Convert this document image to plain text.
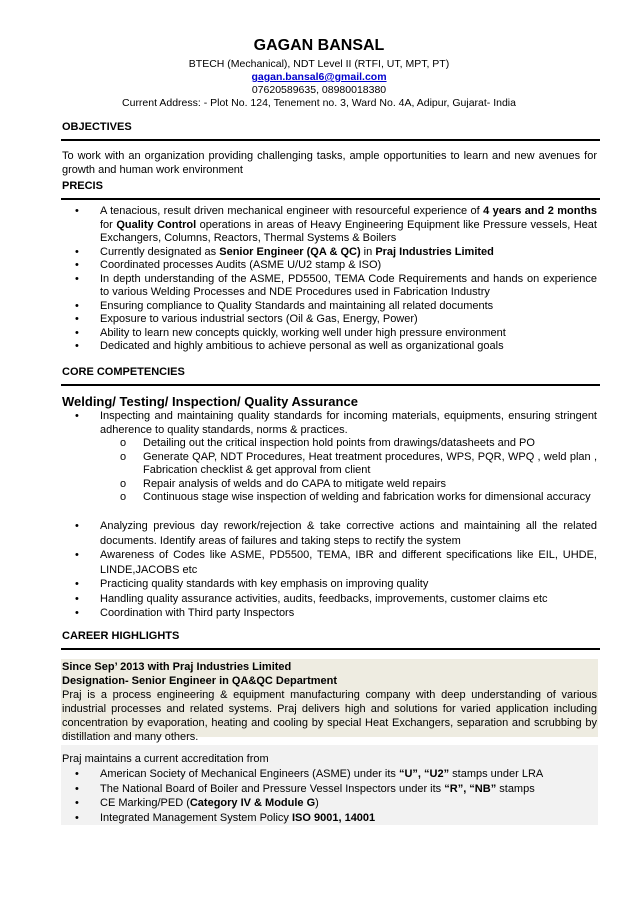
GAGAN BANSAL
BTECH (Mechanical), NDT Level II (RTFI, UT, MPT, PT)
gagan.bansal6@gmail.com
07620589635, 08980018380
Current Address: - Plot No. 124, Tenement no. 3, Ward No. 4A, Adipur, Gujarat- India
OBJECTIVES
To work with an organization providing challenging tasks, ample opportunities to learn and new avenues for growth and human work environment
PRECIS
• A tenacious, result driven mechanical engineer with resourceful experience of 4 years and 2 months for Quality Control operations in areas of Heavy Engineering Equipment like Pressure vessels, Heat Exchangers, Columns, Reactors, Thermal Systems & Boilers
• Currently designated as Senior Engineer (QA & QC) in Praj Industries Limited
• Coordinated processes Audits (ASME U/U2 stamp & ISO)
• In depth understanding of the ASME, PD5500, TEMA Code Requirements and hands on experience to various Welding Processes and NDE Procedures used in Fabrication Industry
• Ensuring compliance to Quality Standards and maintaining all related documents
• Exposure to various industrial sectors (Oil & Gas, Energy, Power)
• Ability to learn new concepts quickly, working well under high pressure environment
• Dedicated and highly ambitious to achieve personal as well as organizational goals
CORE COMPETENCIES
Welding/ Testing/ Inspection/ Quality Assurance
• Inspecting and maintaining quality standards for incoming materials, equipments, ensuring stringent adherence to quality standards, norms & practices.
o Detailing out the critical inspection hold points from drawings/datasheets and PO
o Generate QAP, NDT Procedures, Heat treatment procedures, WPS, PQR, WPQ , weld plan , Fabrication checklist & get approval from client
o Repair analysis of welds and do CAPA to mitigate weld repairs
o Continuous stage wise inspection of welding and fabrication works for dimensional accuracy
• Analyzing previous day rework/rejection & take corrective actions and maintaining all the related documents. Identify areas of failures and taking steps to rectify the system
• Awareness of Codes like ASME, PD5500, TEMA, IBR and different specifications like EIL, UHDE, LINDE,JACOBS etc
• Practicing quality standards with key emphasis on improving quality
• Handling quality assurance activities, audits, feedbacks, improvements, customer claims etc
• Coordination with Third party Inspectors
CAREER HIGHLIGHTS
Since Sep’ 2013 with Praj Industries Limited
Designation- Senior Engineer in QA&QC Department
Praj is a process engineering & equipment manufacturing company with deep understanding of various industrial processes and related systems. Praj delivers high and solutions for varied application including concentration by evaporation, heating and cooling by special Heat Exchangers, separation and scrubbing by distillation and many others.
Praj maintains a current accreditation from
• American Society of Mechanical Engineers (ASME) under its “U”, “U2” stamps under LRA
• The National Board of Boiler and Pressure Vessel Inspectors under its “R”, “NB” stamps
• CE Marking/PED (Category IV & Module G)
• Integrated Management System Policy ISO 9001, 14001
